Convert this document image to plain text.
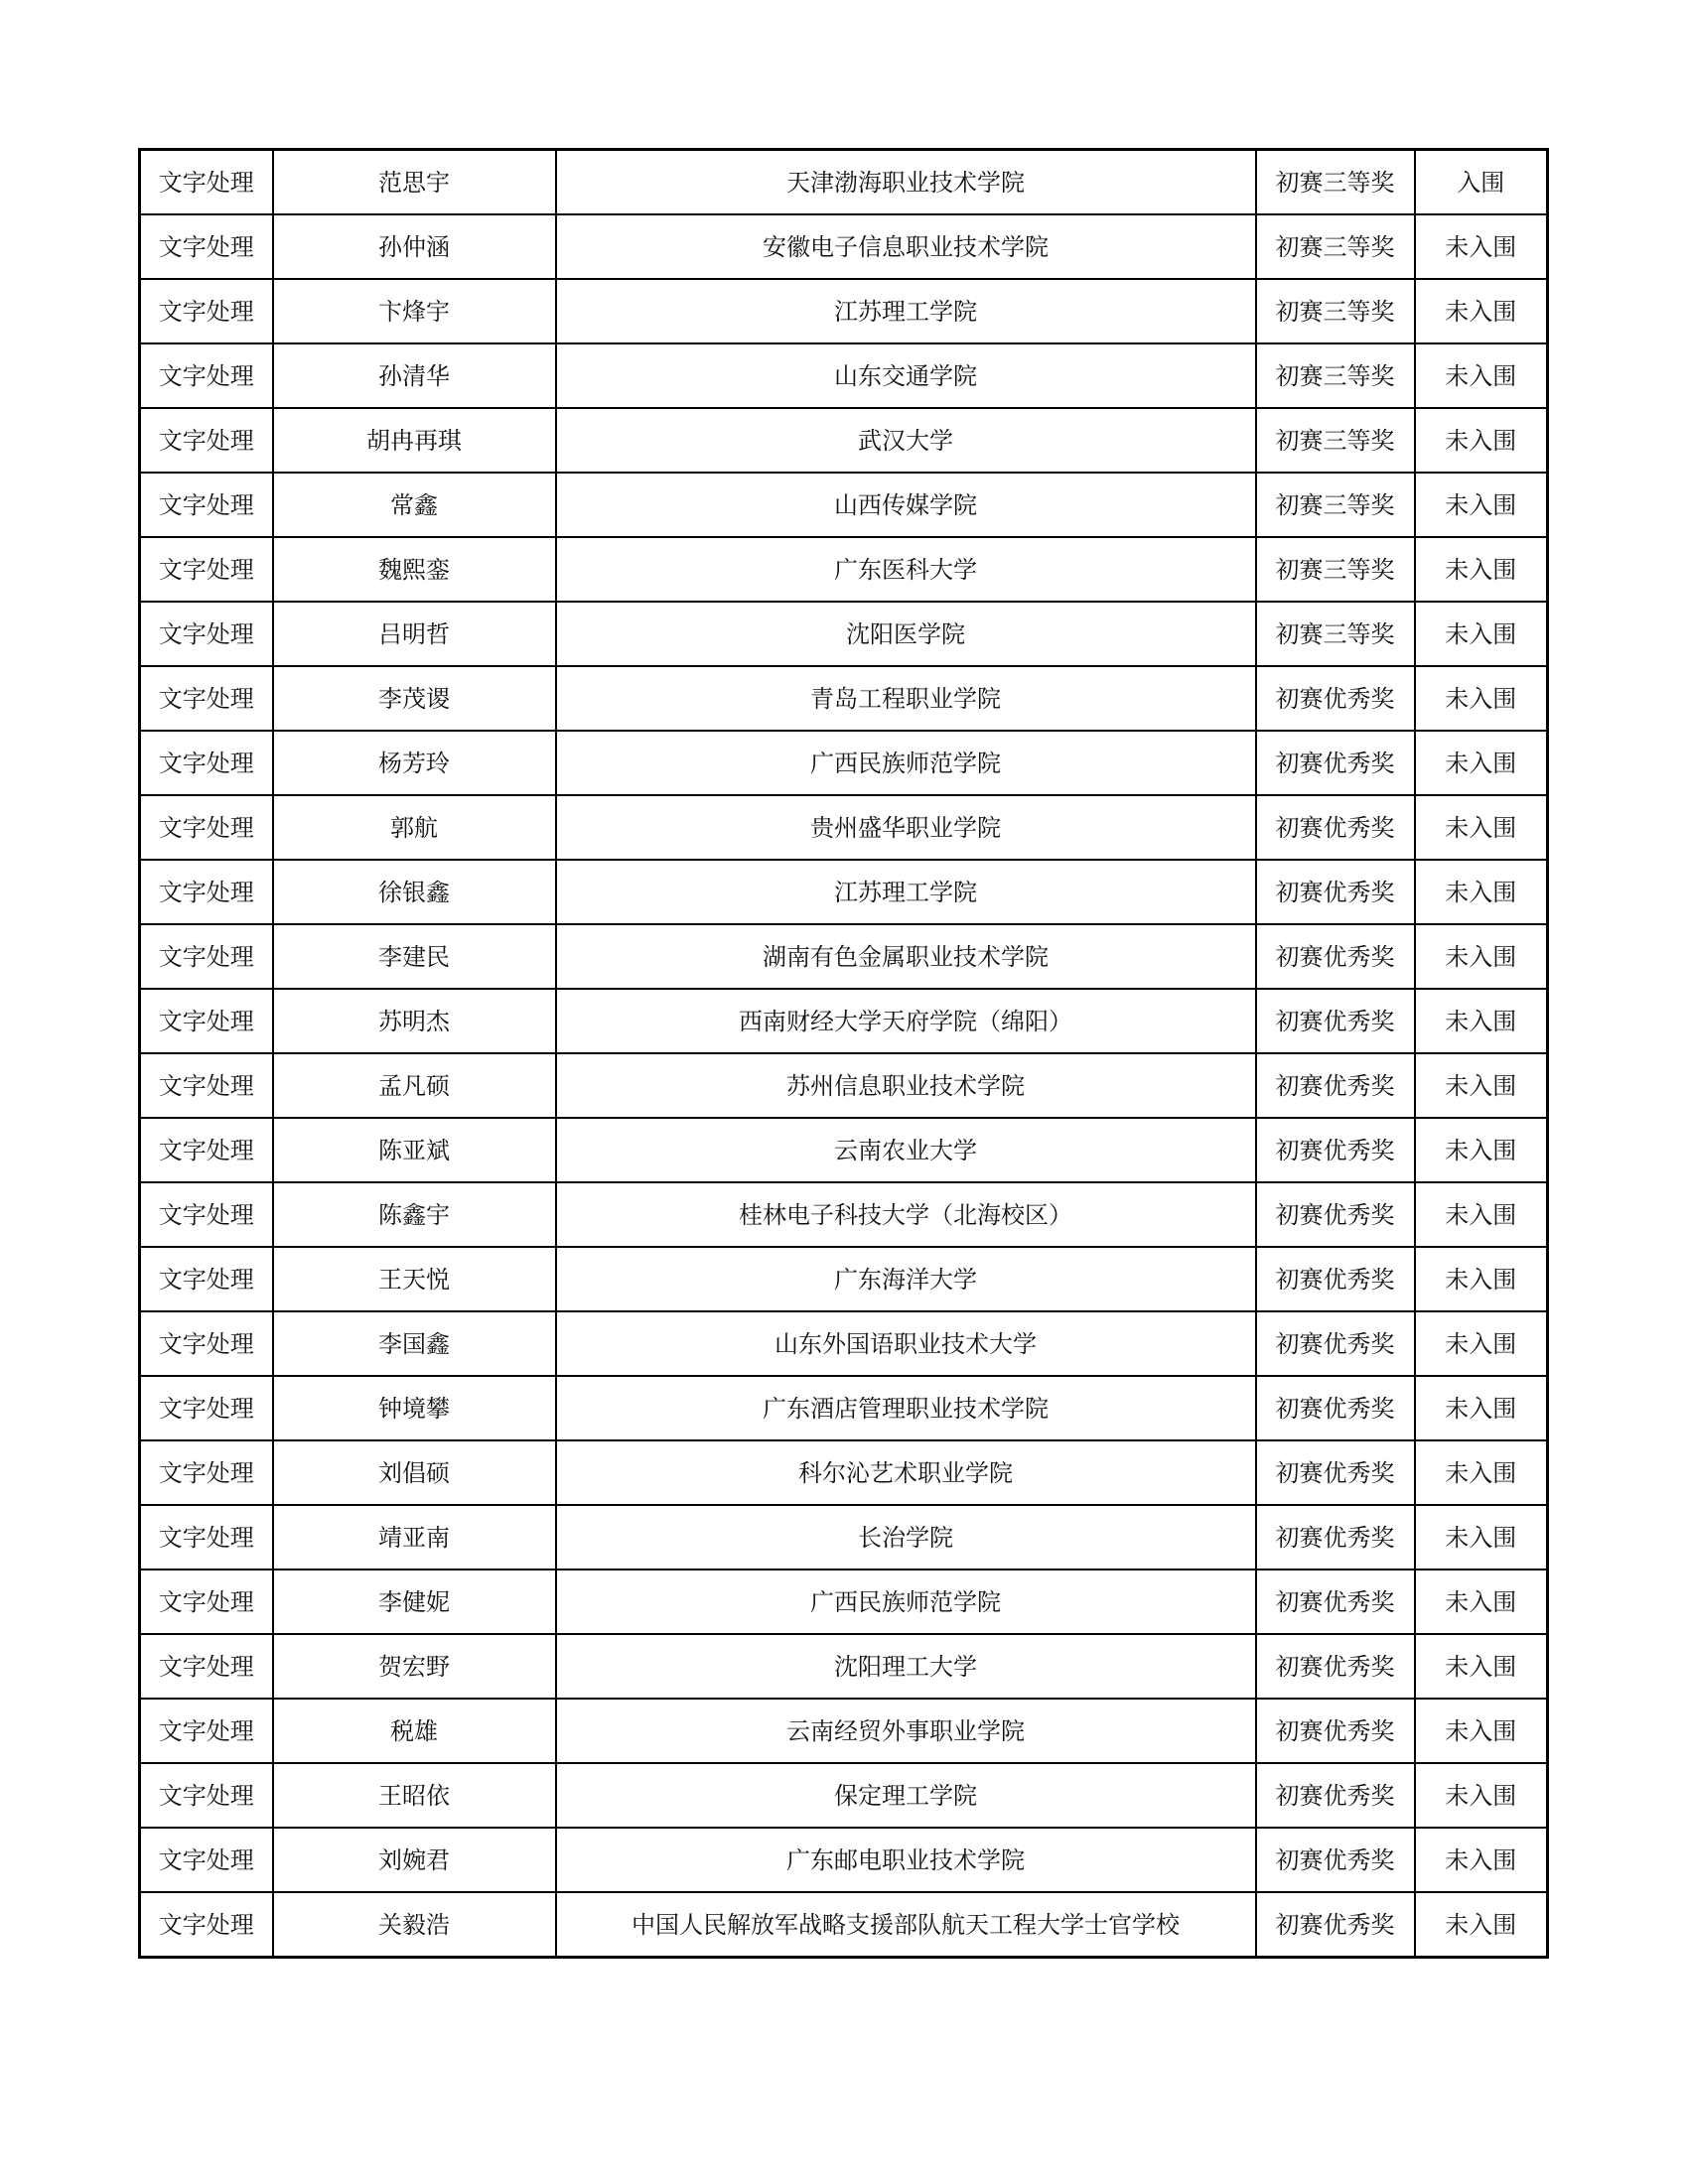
文字处理	范思宇	天津渤海职业技术学院	初赛三等奖	入围
文字处理	孙仲涵	安徽电子信息职业技术学院	初赛三等奖	未入围
文字处理	卞烽宇	江苏理工学院	初赛三等奖	未入围
文字处理	孙清华	山东交通学院	初赛三等奖	未入围
文字处理	胡冉再琪	武汉大学	初赛三等奖	未入围
文字处理	常鑫	山西传媒学院	初赛三等奖	未入围
文字处理	魏熙銮	广东医科大学	初赛三等奖	未入围
文字处理	吕明哲	沈阳医学院	初赛三等奖	未入围
文字处理	李茂谡	青岛工程职业学院	初赛优秀奖	未入围
文字处理	杨芳玲	广西民族师范学院	初赛优秀奖	未入围
文字处理	郭航	贵州盛华职业学院	初赛优秀奖	未入围
文字处理	徐银鑫	江苏理工学院	初赛优秀奖	未入围
文字处理	李建民	湖南有色金属职业技术学院	初赛优秀奖	未入围
文字处理	苏明杰	西南财经大学天府学院（绵阳）	初赛优秀奖	未入围
文字处理	孟凡硕	苏州信息职业技术学院	初赛优秀奖	未入围
文字处理	陈亚斌	云南农业大学	初赛优秀奖	未入围
文字处理	陈鑫宇	桂林电子科技大学（北海校区）	初赛优秀奖	未入围
文字处理	王天悦	广东海洋大学	初赛优秀奖	未入围
文字处理	李国鑫	山东外国语职业技术大学	初赛优秀奖	未入围
文字处理	钟境攀	广东酒店管理职业技术学院	初赛优秀奖	未入围
文字处理	刘倡硕	科尔沁艺术职业学院	初赛优秀奖	未入围
文字处理	靖亚南	长治学院	初赛优秀奖	未入围
文字处理	李健妮	广西民族师范学院	初赛优秀奖	未入围
文字处理	贺宏野	沈阳理工大学	初赛优秀奖	未入围
文字处理	税雄	云南经贸外事职业学院	初赛优秀奖	未入围
文字处理	王昭依	保定理工学院	初赛优秀奖	未入围
文字处理	刘婉君	广东邮电职业技术学院	初赛优秀奖	未入围
文字处理	关毅浩	中国人民解放军战略支援部队航天工程大学士官学校	初赛优秀奖	未入围
